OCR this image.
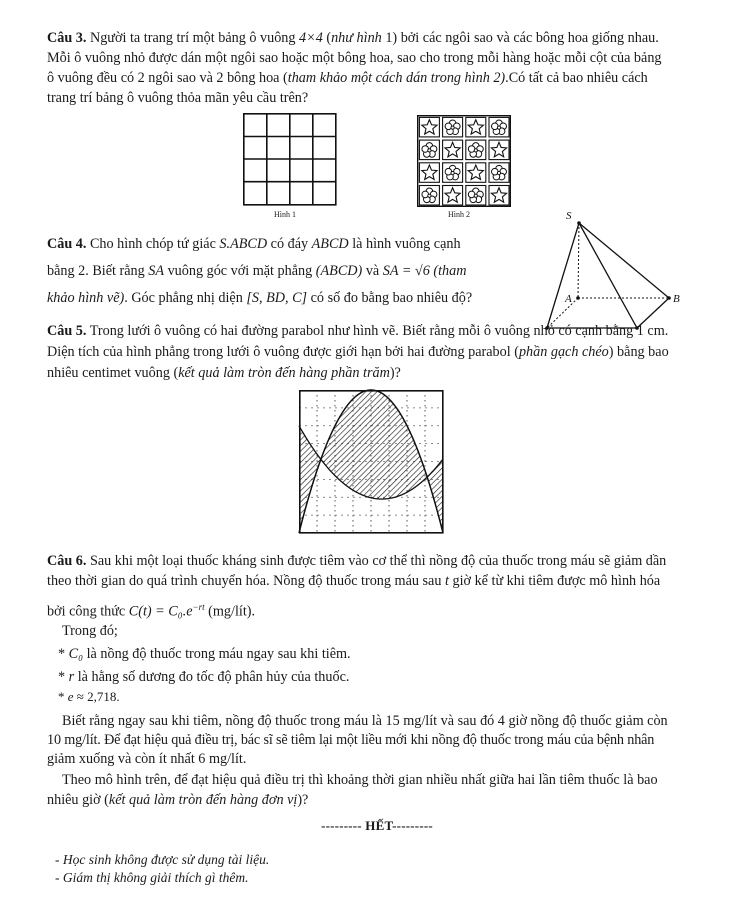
Câu 3. Người ta trang trí một bảng ô vuông 4×4 (như hình 1) bởi các ngôi sao và các bông hoa giống nhau.
Mỗi ô vuông nhỏ được dán một ngôi sao hoặc một bông hoa, sao cho trong mỗi hàng hoặc mỗi cột của bảng
ô vuông đều có 2 ngôi sao và 2 bông hoa (tham khảo một cách dán trong hình 2).Có tất cả bao nhiêu cách
trang trí bảng ô vuông thỏa mãn yêu cầu trên?
Hình 1	Hình 2
Câu 4. Cho hình chóp tứ giác S.ABCD có đáy ABCD là hình vuông cạnh
bằng 2. Biết rằng SA vuông góc với mặt phẳng (ABCD) và SA = √6 (tham
khảo hình vẽ). Góc phẳng nhị diện [S, BD, C] có số đo bằng bao nhiêu độ?
S
A	B
Câu 5. Trong lưới ô vuông có hai đường parabol như hình vẽ. Biết rằng mỗi ô vuông nhỏ có cạnh bằng 1 cm.
Diện tích của hình phẳng trong lưới ô vuông được giới hạn bởi hai đường parabol (phần gạch chéo) bằng bao
nhiêu centimet vuông (kết quả làm tròn đến hàng phần trăm)?
Câu 6. Sau khi một loại thuốc kháng sinh được tiêm vào cơ thể thì nồng độ của thuốc trong máu sẽ giảm dần
theo thời gian do quá trình chuyển hóa. Nồng độ thuốc trong máu sau t giờ kể từ khi tiêm được mô hình hóa
bởi công thức $C(t) = C_0.e^{-rt}$ (mg/lít).
Trong đó;
* C₀ là nồng độ thuốc trong máu ngay sau khi tiêm.
* r là hằng số dương đo tốc độ phân hủy của thuốc.
* e ≈ 2,718.
Biết rằng ngay sau khi tiêm, nồng độ thuốc trong máu là 15 mg/lít và sau đó 4 giờ nồng độ thuốc giảm còn
10 mg/lít. Để đạt hiệu quả điều trị, bác sĩ sẽ tiêm lại một liều mới khi nồng độ thuốc trong máu của bệnh nhân
giảm xuống và còn ít nhất 6 mg/lít.
Theo mô hình trên, để đạt hiệu quả điều trị thì khoảng thời gian nhiều nhất giữa hai lần tiêm thuốc là bao
nhiêu giờ (kết quả làm tròn đến hàng đơn vị)?
--------- HẾT---------
- Học sinh không được sử dụng tài liệu.
- Giám thị không giải thích gì thêm.
